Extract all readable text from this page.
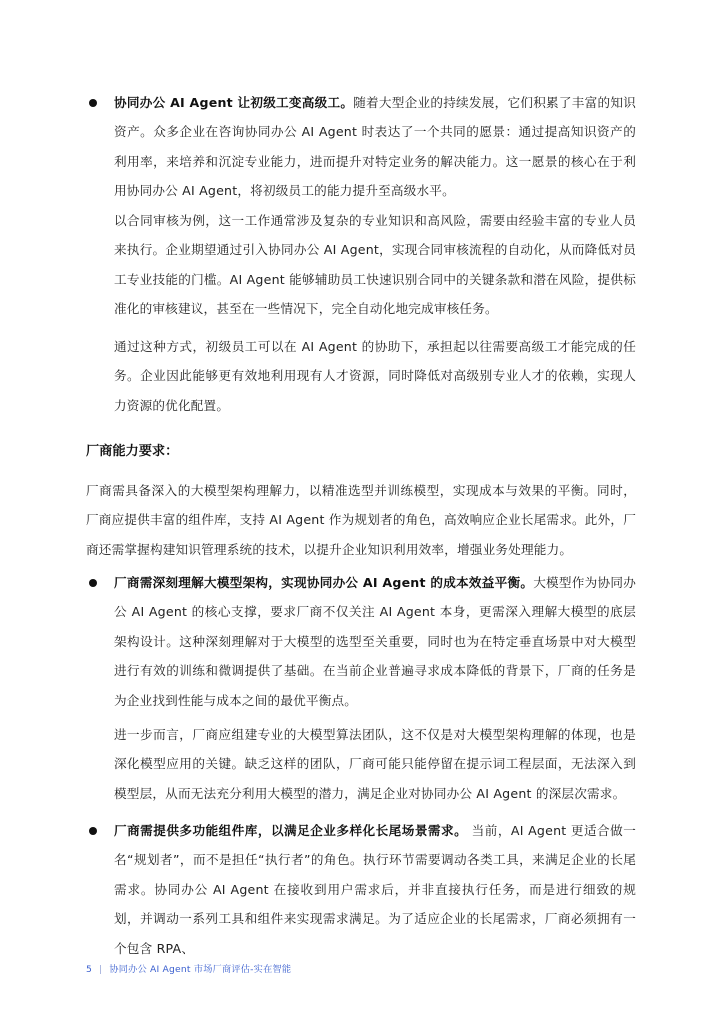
协同办公 AI Agent 让初级工变高级工。随着大型企业的持续发展，它们积累了丰富的知识资产。众多企业在咨询协同办公 AI Agent 时表达了一个共同的愿景：通过提高知识资产的利用率，来培养和沉淀专业能力，进而提升对特定业务的解决能力。这一愿景的核心在于利用协同办公 AI Agent，将初级员工的能力提升至高级水平。
以合同审核为例，这一工作通常涉及复杂的专业知识和高风险，需要由经验丰富的专业人员来执行。企业期望通过引入协同办公 AI Agent，实现合同审核流程的自动化，从而降低对员工专业技能的门槛。AI Agent 能够辅助员工快速识别合同中的关键条款和潜在风险，提供标准化的审核建议，甚至在一些情况下，完全自动化地完成审核任务。
通过这种方式，初级员工可以在 AI Agent 的协助下，承担起以往需要高级工才能完成的任务。企业因此能够更有效地利用现有人才资源，同时降低对高级别专业人才的依赖，实现人力资源的优化配置。
厂商能力要求：
厂商需具备深入的大模型架构理解力，以精准选型并训练模型，实现成本与效果的平衡。同时，厂商应提供丰富的组件库，支持 AI Agent 作为规划者的角色，高效响应企业长尾需求。此外，厂商还需掌握构建知识管理系统的技术，以提升企业知识利用效率，增强业务处理能力。
厂商需深刻理解大模型架构，实现协同办公 AI Agent 的成本效益平衡。大模型作为协同办公 AI Agent 的核心支撑，要求厂商不仅关注 AI Agent 本身，更需深入理解大模型的底层架构设计。这种深刻理解对于大模型的选型至关重要，同时也为在特定垂直场景中对大模型进行有效的训练和微调提供了基础。在当前企业普遍寻求成本降低的背景下，厂商的任务是为企业找到性能与成本之间的最优平衡点。
进一步而言，厂商应组建专业的大模型算法团队，这不仅是对大模型架构理解的体现，也是深化模型应用的关键。缺乏这样的团队，厂商可能只能停留在提示词工程层面，无法深入到模型层，从而无法充分利用大模型的潜力，满足企业对协同办公 AI Agent 的深层次需求。
厂商需提供多功能组件库，以满足企业多样化长尾场景需求。 当前，AI Agent 更适合做一名“规划者”，而不是担任“执行者”的角色。执行环节需要调动各类工具，来满足企业的长尾需求。协同办公 AI Agent 在接收到用户需求后，并非直接执行任务，而是进行细致的规划，并调动一系列工具和组件来实现需求满足。为了适应企业的长尾需求，厂商必须拥有一个包含 RPA、
5 | 协同办公 AI Agent 市场厂商评估-实在智能
